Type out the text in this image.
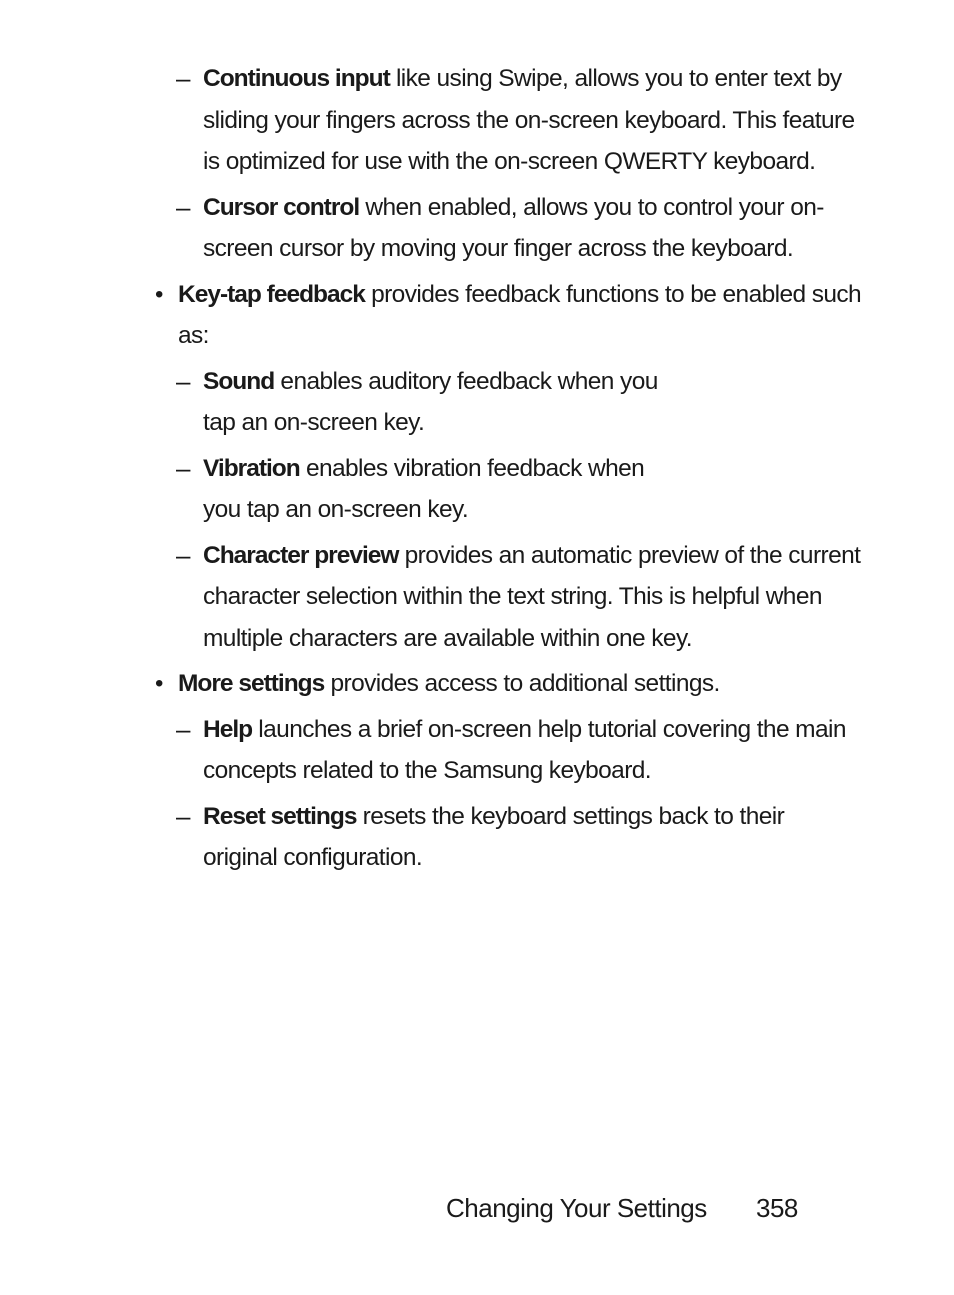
– Continuous input like using Swipe, allows you to enter text by sliding your fingers across the on-screen keyboard. This feature is optimized for use with the on-screen QWERTY keyboard.
– Cursor control when enabled, allows you to control your on-screen cursor by moving your finger across the keyboard.
• Key-tap feedback provides feedback functions to be enabled such as:
– Sound enables auditory feedback when you tap an on-screen key.
– Vibration enables vibration feedback when you tap an on-screen key.
– Character preview provides an automatic preview of the current character selection within the text string. This is helpful when multiple characters are available within one key.
• More settings provides access to additional settings.
– Help launches a brief on-screen help tutorial covering the main concepts related to the Samsung keyboard.
– Reset settings resets the keyboard settings back to their original configuration.
Changing Your Settings 358
